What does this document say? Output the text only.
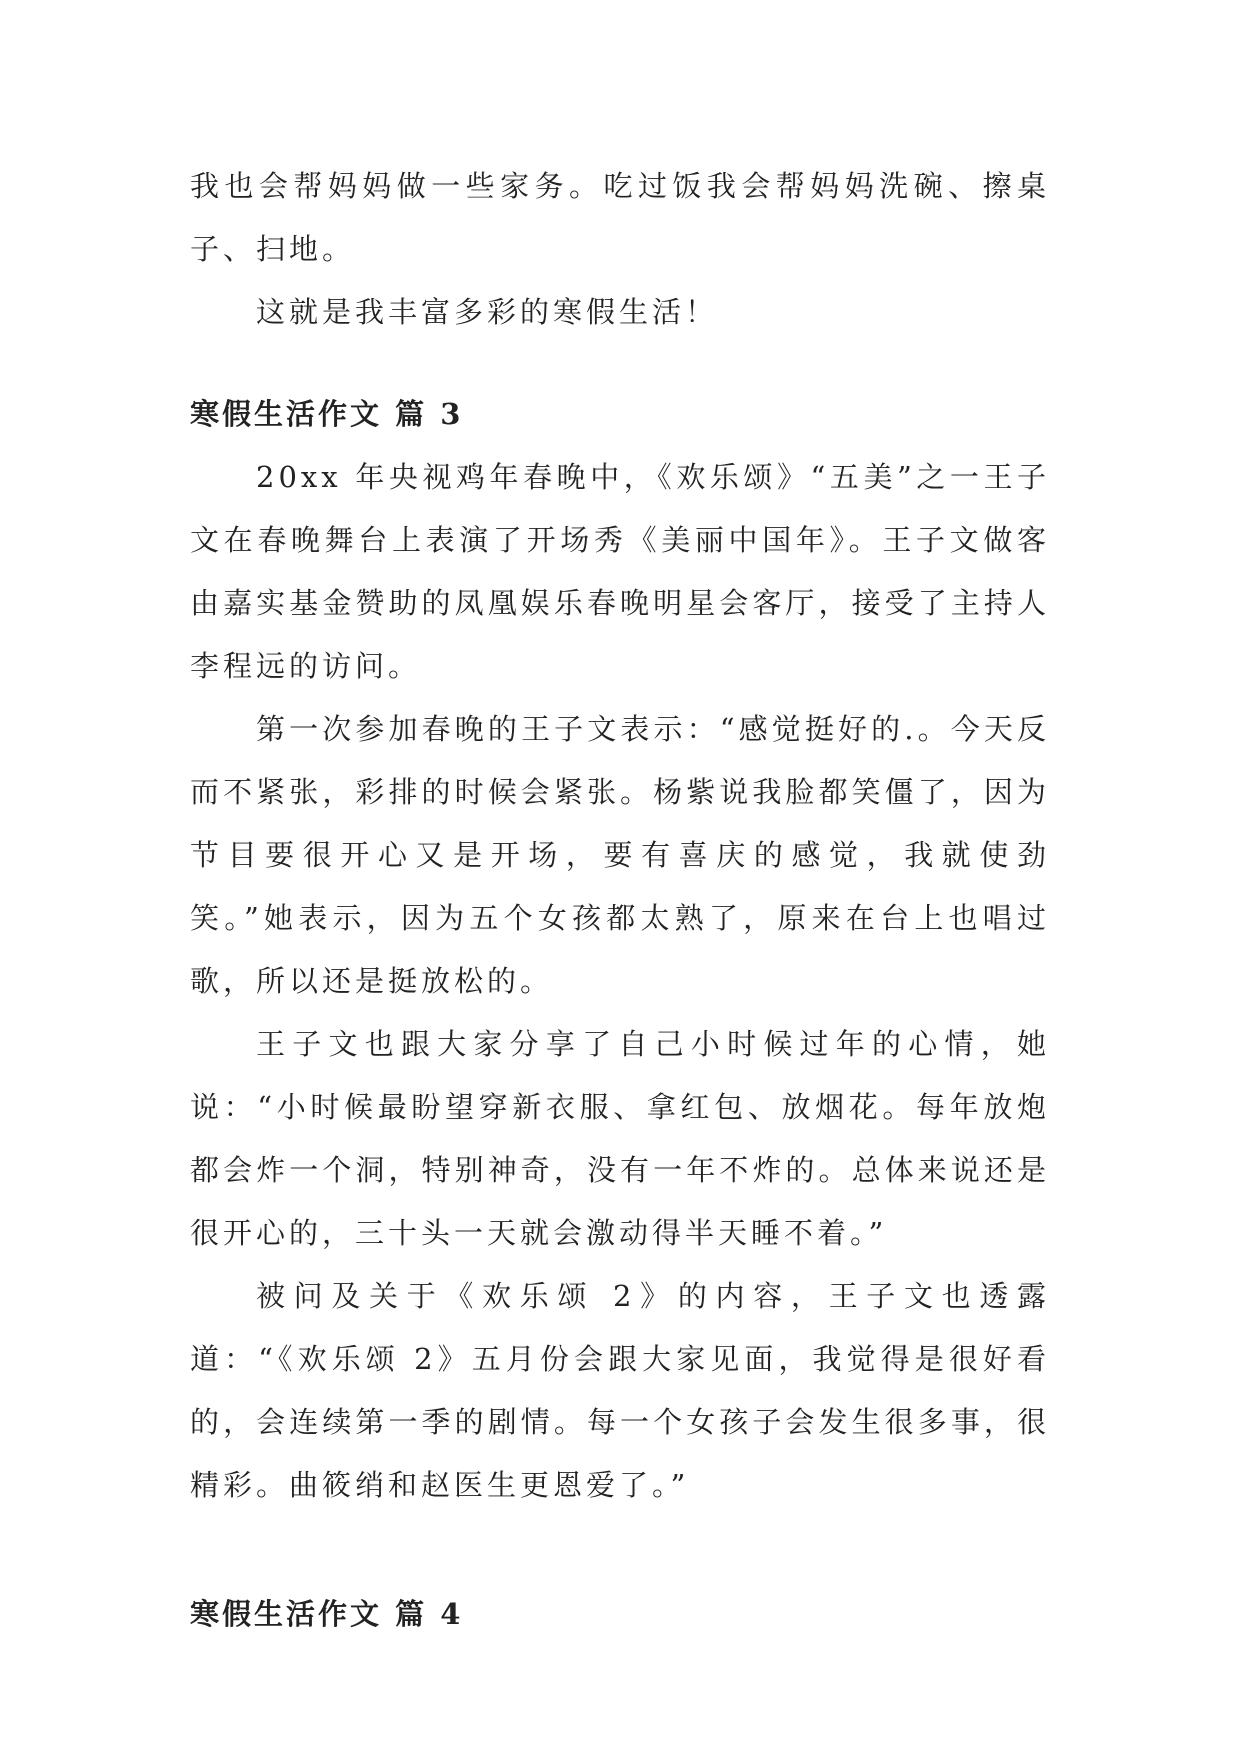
我也会帮妈妈做一些家务。吃过饭我会帮妈妈洗碗、擦桌子、扫地。

这就是我丰富多彩的寒假生活！

寒假生活作文 篇 3

20xx 年央视鸡年春晚中，《欢乐颂》“五美”之一王子文在春晚舞台上表演了开场秀《美丽中国年》。王子文做客由嘉实基金赞助的凤凰娱乐春晚明星会客厅，接受了主持人李程远的访问。

第一次参加春晚的王子文表示：“感觉挺好的.。今天反而不紧张，彩排的时候会紧张。杨紫说我脸都笑僵了，因为节目要很开心又是开场，要有喜庆的感觉，我就使劲笑。”她表示，因为五个女孩都太熟了，原来在台上也唱过歌，所以还是挺放松的。

王子文也跟大家分享了自己小时候过年的心情，她说：“小时候最盼望穿新衣服、拿红包、放烟花。每年放炮都会炸一个洞，特别神奇，没有一年不炸的。总体来说还是很开心的，三十头一天就会激动得半天睡不着。”

被问及关于《欢乐颂 2》的内容，王子文也透露道：“《欢乐颂 2》五月份会跟大家见面，我觉得是很好看的，会连续第一季的剧情。每一个女孩子会发生很多事，很精彩。曲筱绡和赵医生更恩爱了。”

寒假生活作文 篇 4
